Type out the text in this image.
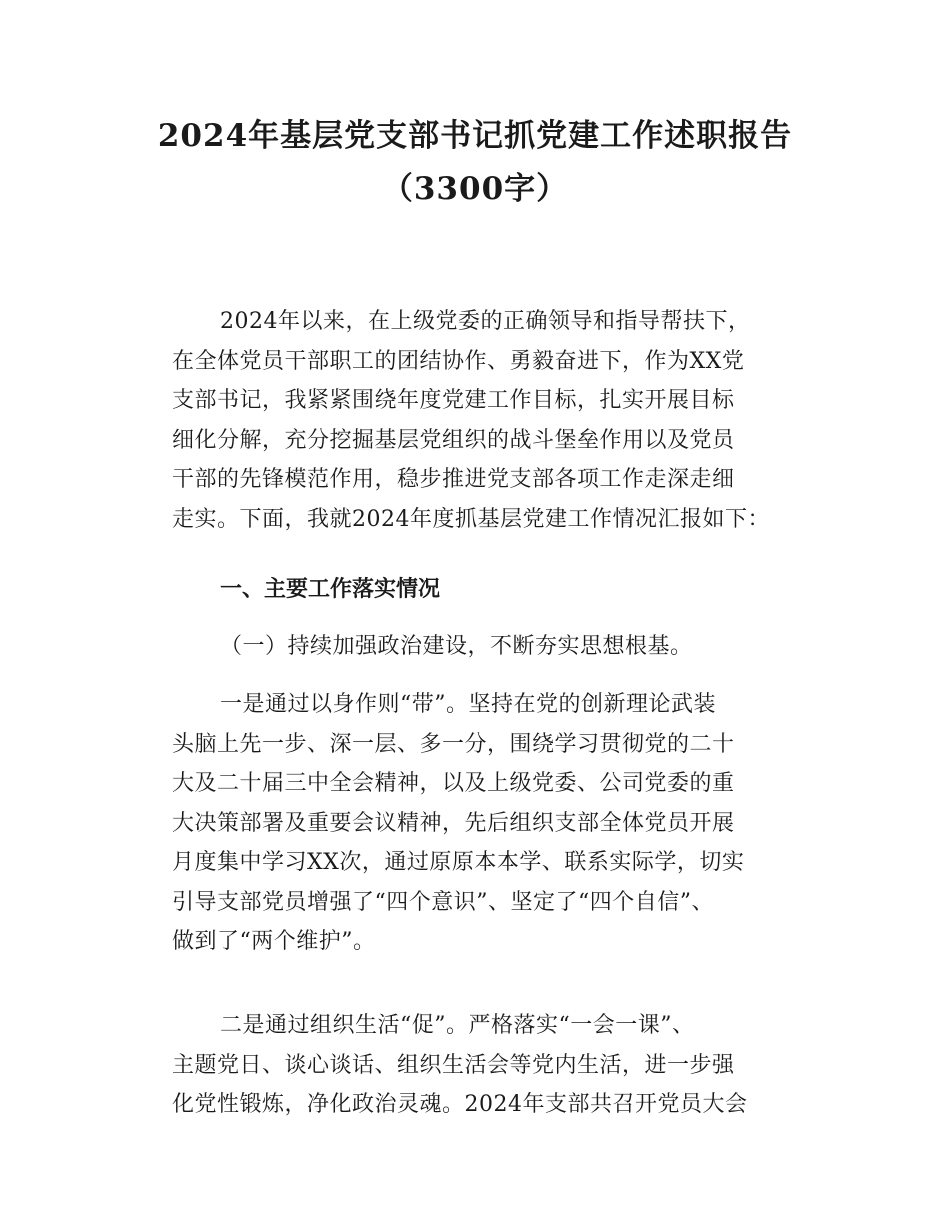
2024年基层党支部书记抓党建工作述职报告
（3300字）
2024年以来，在上级党委的正确领导和指导帮扶下，
在全体党员干部职工的团结协作、勇毅奋进下，作为XX党
支部书记，我紧紧围绕年度党建工作目标，扎实开展目标
细化分解，充分挖掘基层党组织的战斗堡垒作用以及党员
干部的先锋模范作用，稳步推进党支部各项工作走深走细
走实。下面，我就2024年度抓基层党建工作情况汇报如下：
一、主要工作落实情况
（一）持续加强政治建设，不断夯实思想根基。
一是通过以身作则“带”。坚持在党的创新理论武装
头脑上先一步、深一层、多一分，围绕学习贯彻党的二十
大及二十届三中全会精神，以及上级党委、公司党委的重
大决策部署及重要会议精神，先后组织支部全体党员开展
月度集中学习XX次，通过原原本本学、联系实际学，切实
引导支部党员增强了“四个意识”、坚定了“四个自信”、
做到了“两个维护”。
二是通过组织生活“促”。严格落实“一会一课”、
主题党日、谈心谈话、组织生活会等党内生活，进一步强
化党性锻炼，净化政治灵魂。2024年支部共召开党员大会
